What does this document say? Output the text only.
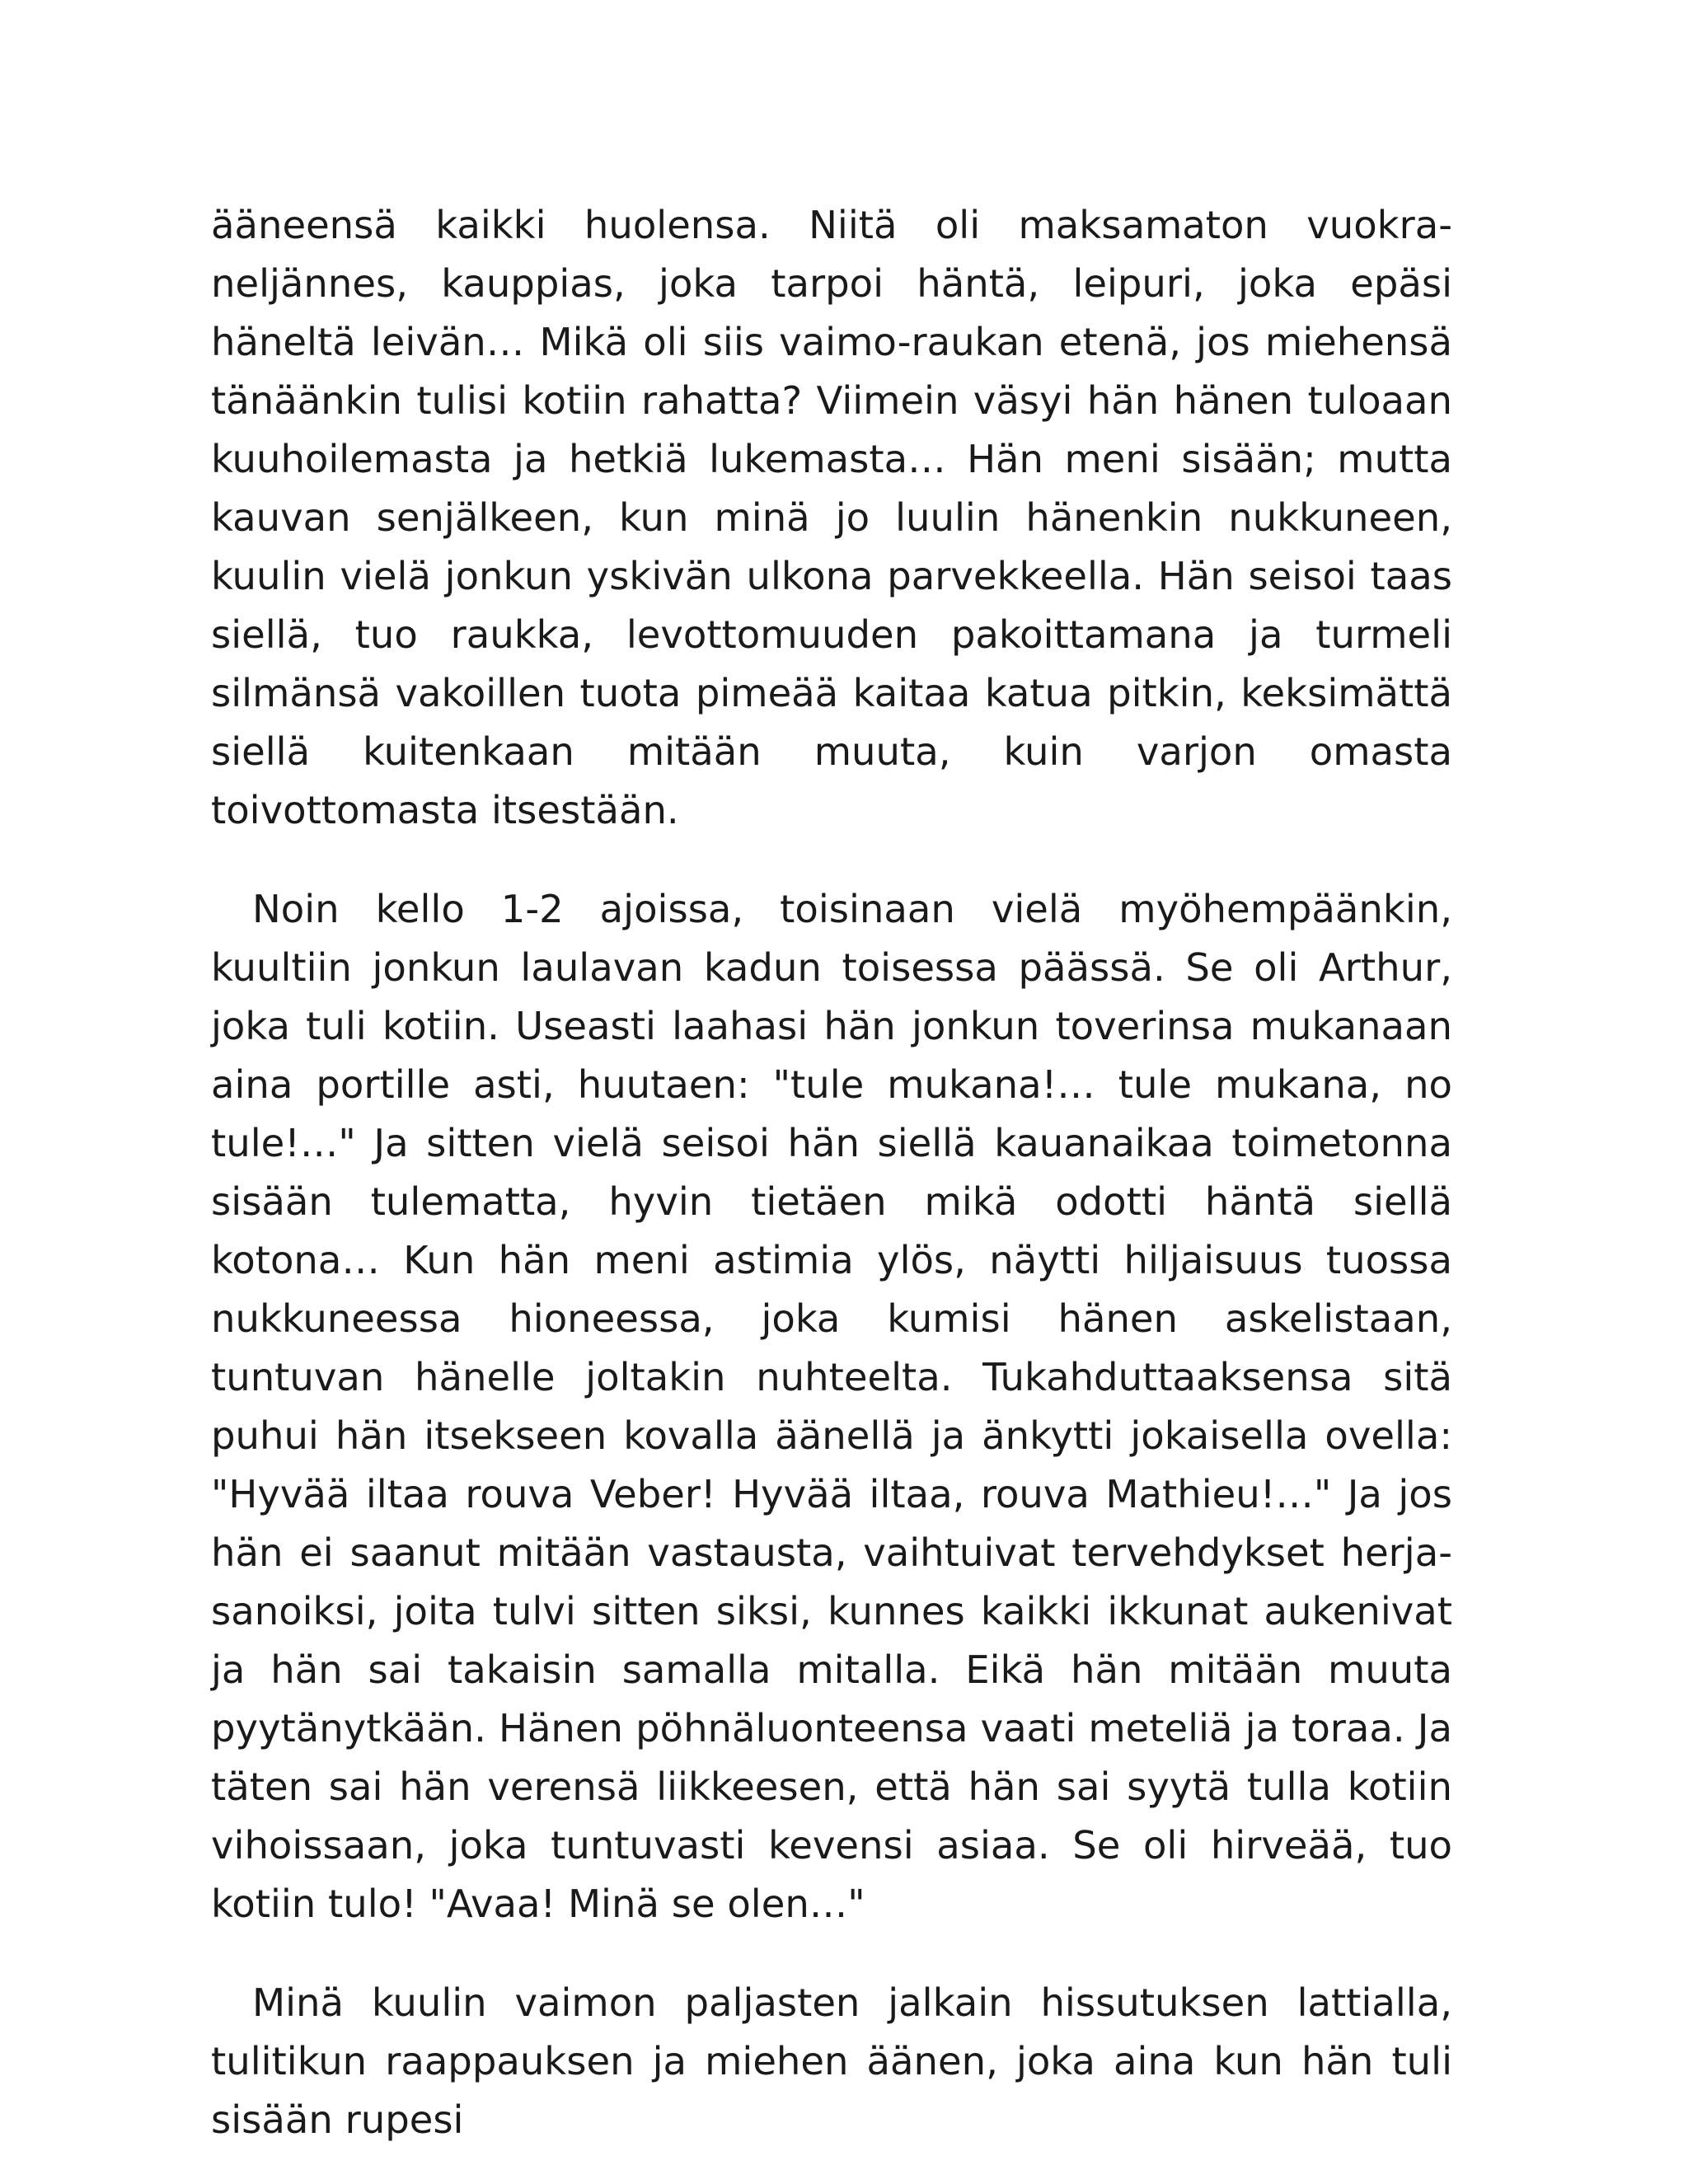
ääneensä kaikki huolensa. Niitä oli maksamaton vuokra-neljännes, kauppias, joka tarpoi häntä, leipuri, joka epäsi häneltä leivän… Mikä oli siis vaimo-raukan etenä, jos miehensä tänäänkin tulisi kotiin rahatta? Viimein väsyi hän hänen tuloaan kuuhoilemasta ja hetkiä lukemasta… Hän meni sisään; mutta kauvan senjälkeen, kun minä jo luulin hänenkin nukkuneen, kuulin vielä jonkun yskivän ulkona parvekkeella. Hän seisoi taas siellä, tuo raukka, levottomuuden pakoittamana ja turmeli silmänsä vakoillen tuota pimeää kaitaa katua pitkin, keksimättä siellä kuitenkaan mitään muuta, kuin varjon omasta toivottomasta itsestään.

Noin kello 1-2 ajoissa, toisinaan vielä myöhempäänkin, kuultiin jonkun laulavan kadun toisessa päässä. Se oli Arthur, joka tuli kotiin. Useasti laahasi hän jonkun toverinsa mukanaan aina portille asti, huutaen: "tule mukana!… tule mukana, no tule!…" Ja sitten vielä seisoi hän siellä kauanaikaa toimetonna sisään tulematta, hyvin tietäen mikä odotti häntä siellä kotona… Kun hän meni astimia ylös, näytti hiljaisuus tuossa nukkuneessa hioneessa, joka kumisi hänen askelistaan, tuntuvan hänelle joltakin nuhteelta. Tukahduttaaksensa sitä puhui hän itsekseen kovalla äänellä ja änkytti jokaisella ovella: "Hyvää iltaa rouva Veber! Hyvää iltaa, rouva Mathieu!…" Ja jos hän ei saanut mitään vastausta, vaihtuivat tervehdykset herja-sanoiksi, joita tulvi sitten siksi, kunnes kaikki ikkunat aukenivat ja hän sai takaisin samalla mitalla. Eikä hän mitään muuta pyytänytkään. Hänen pöhnäluonteensa vaati meteliä ja toraa. Ja täten sai hän verensä liikkeesen, että hän sai syytä tulla kotiin vihoissaan, joka tuntuvasti kevensi asiaa. Se oli hirveää, tuo kotiin tulo! "Avaa! Minä se olen…"

Minä kuulin vaimon paljasten jalkain hissutuksen lattialla, tulitikun raappauksen ja miehen äänen, joka aina kun hän tuli sisään rupesi
